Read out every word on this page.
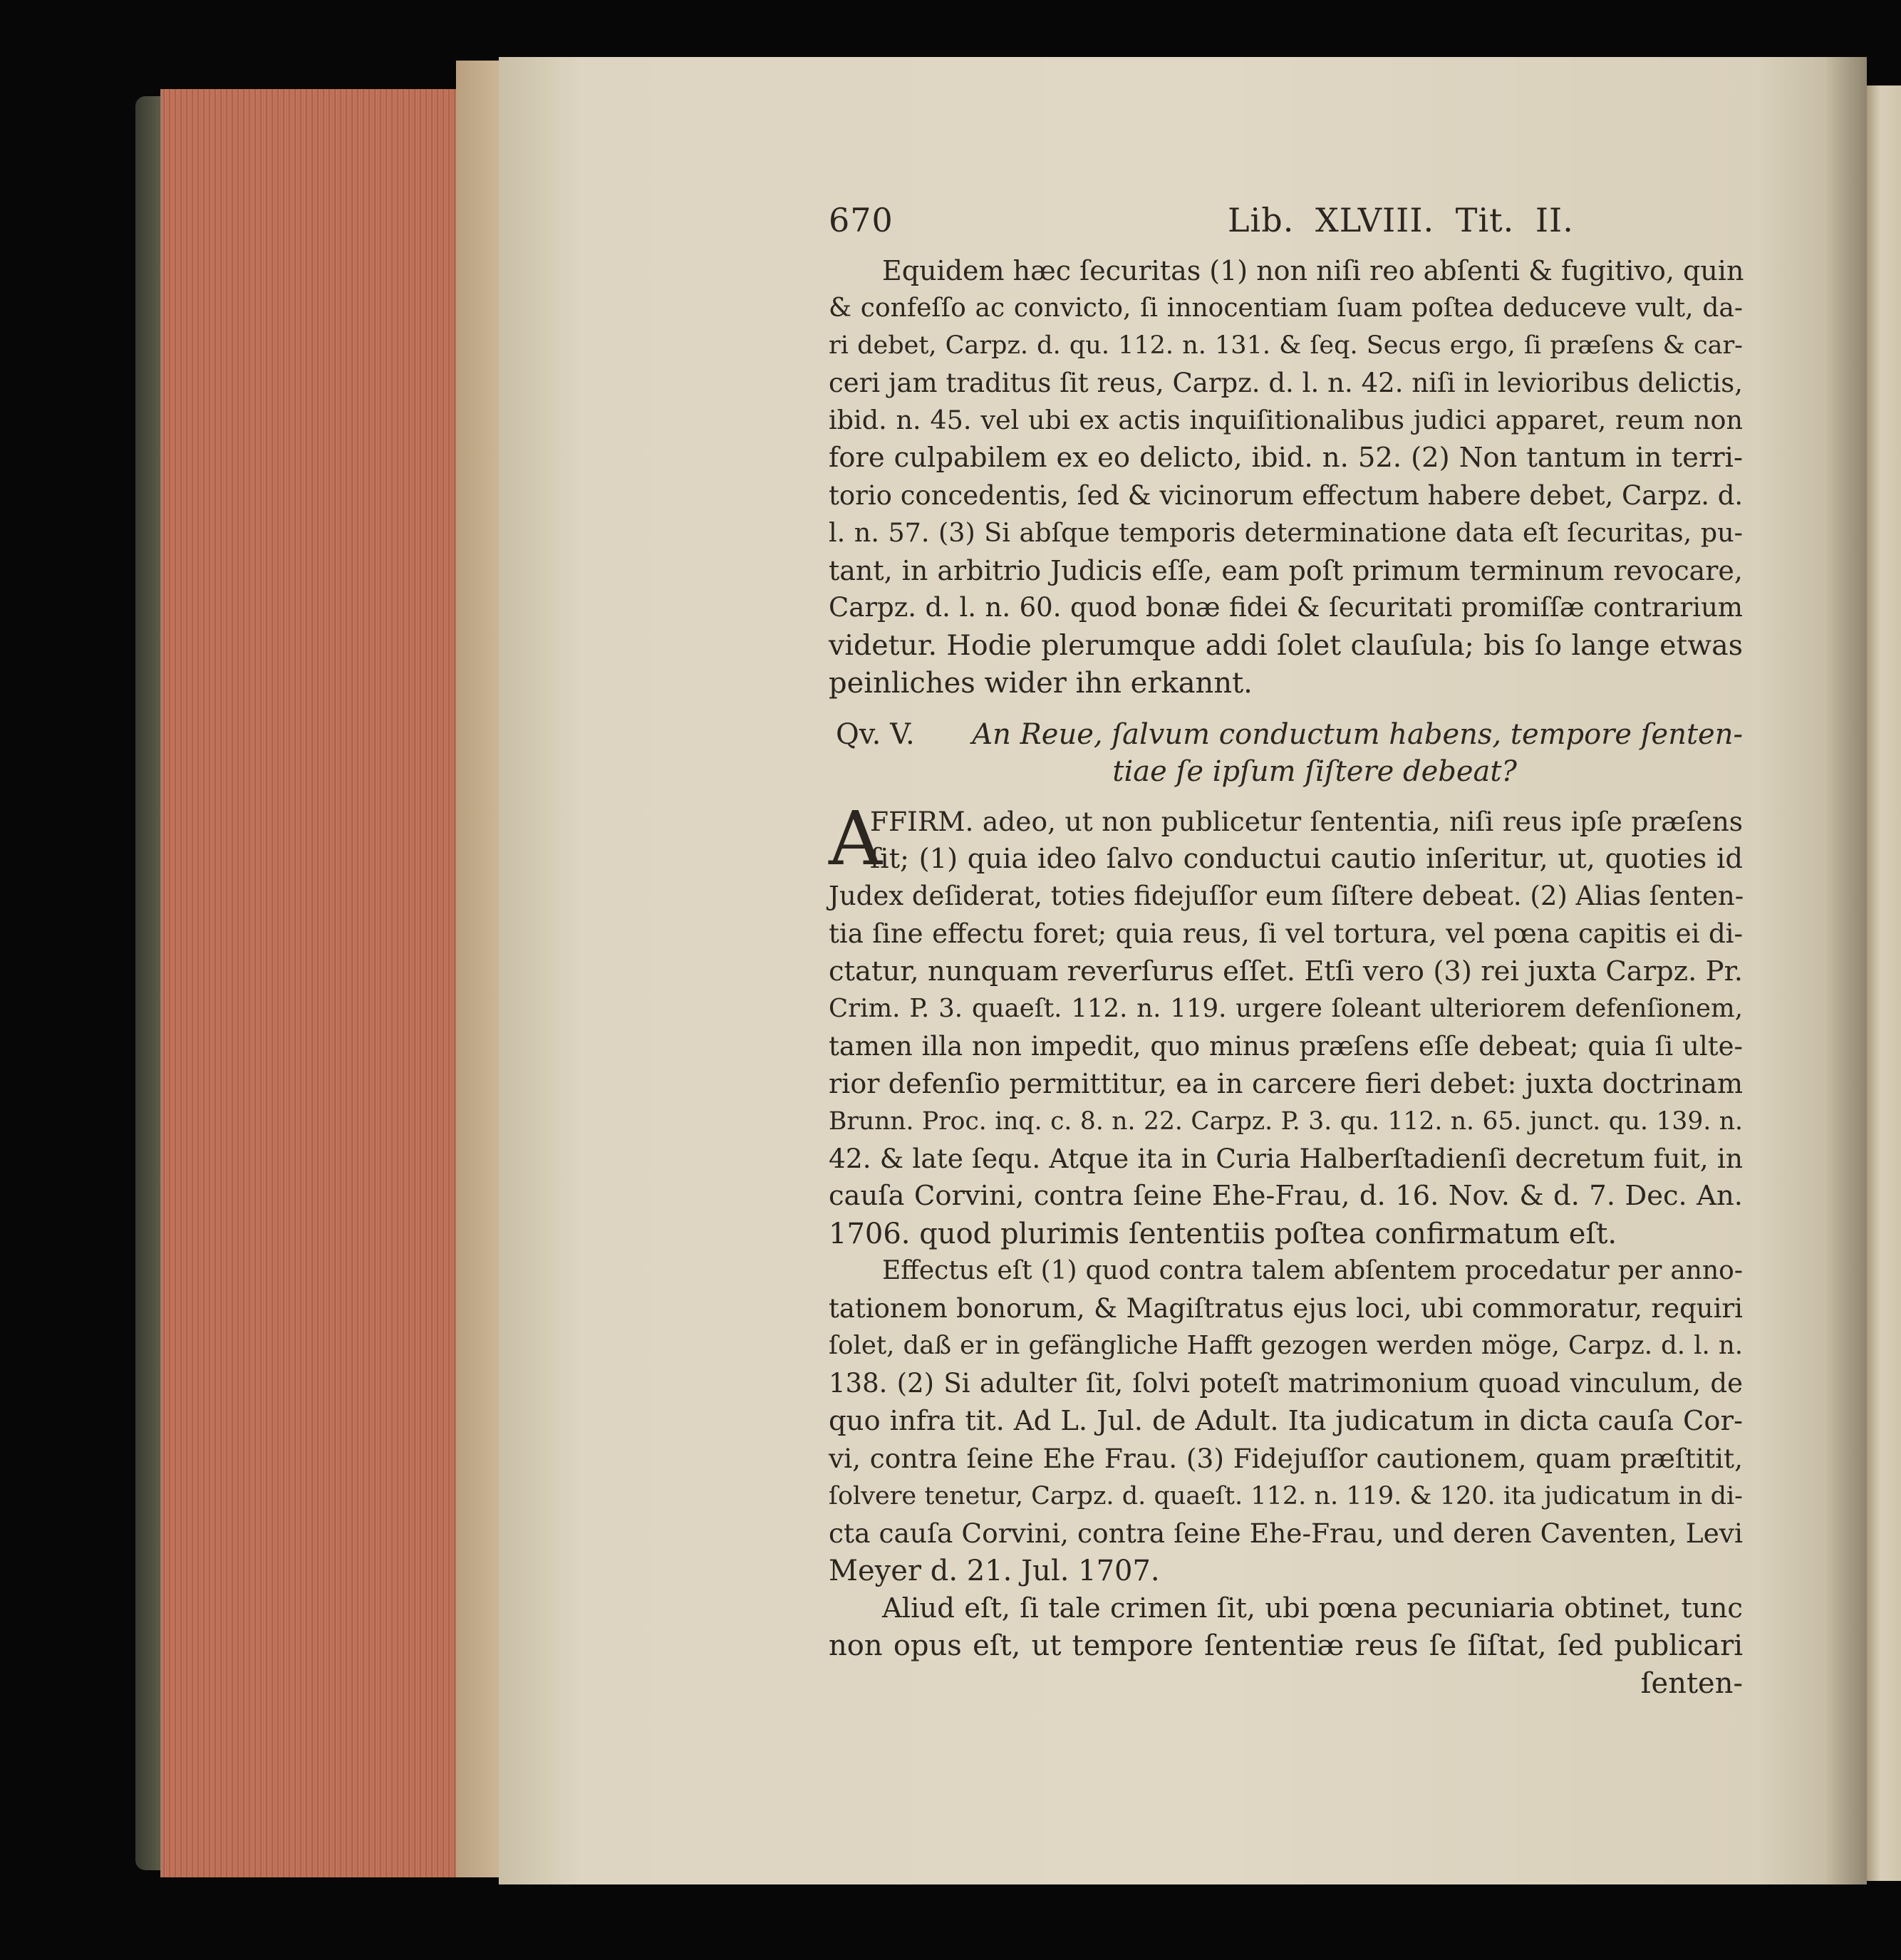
670	Lib. XLVIII. Tit. II.
Equidem hæc ſecuritas (1) non niſi reo abſenti & fugitivo, quin
& confeſſo ac convicto, ſi innocentiam ſuam poſtea deduceve vult, da-
ri debet, Carpz. d. qu. 112. n. 131. & ſeq. Secus ergo, ſi præſens & car-
ceri jam traditus ſit reus, Carpz. d. l. n. 42. niſi in levioribus delictis,
ibid. n. 45. vel ubi ex actis inquiſitionalibus judici apparet, reum non
fore culpabilem ex eo delicto, ibid. n. 52. (2) Non tantum in terri-
torio concedentis, ſed & vicinorum effectum habere debet, Carpz. d.
l. n. 57. (3) Si abſque temporis determinatione data eſt ſecuritas, pu-
tant, in arbitrio Judicis eſſe, eam poſt primum terminum revocare,
Carpz. d. l. n. 60. quod bonæ fidei & ſecuritati promiſſæ contrarium
videtur. Hodie plerumque addi ſolet clauſula; bis ſo lange etwas
peinliches wider ihn erkannt.
Qv. V.	An Reue, ſalvum conductum habens, tempore ſenten-
tiae ſe ipſum ſiſtere debeat?
A
FFIRM. adeo, ut non publicetur ſententia, niſi reus ipſe præſens
ſit; (1) quia ideo ſalvo conductui cautio inſeritur, ut, quoties id
Judex deſiderat, toties fidejuſſor eum ſiſtere debeat. (2) Alias ſenten-
tia ſine effectu foret; quia reus, ſi vel tortura, vel pœna capitis ei di-
ctatur, nunquam reverſurus eſſet. Etſi vero (3) rei juxta Carpz. Pr.
Crim. P. 3. quaeſt. 112. n. 119. urgere ſoleant ulteriorem defenſionem,
tamen illa non impedit, quo minus præſens eſſe debeat; quia ſi ulte-
rior defenſio permittitur, ea in carcere fieri debet: juxta doctrinam
Brunn. Proc. inq. c. 8. n. 22. Carpz. P. 3. qu. 112. n. 65. junct. qu. 139. n.
42. & late ſequ. Atque ita in Curia Halberſtadienſi decretum fuit, in
cauſa Corvini, contra ſeine Ehe-Frau, d. 16. Nov. & d. 7. Dec. An.
1706. quod plurimis ſententiis poſtea confirmatum eſt.
Effectus eſt (1) quod contra talem abſentem procedatur per anno-
tationem bonorum, & Magiſtratus ejus loci, ubi commoratur, requiri
ſolet, daß er in gefängliche Hafft gezogen werden möge, Carpz. d. l. n.
138. (2) Si adulter ſit, ſolvi poteſt matrimonium quoad vinculum, de
quo infra tit. Ad L. Jul. de Adult. Ita judicatum in dicta cauſa Cor-
vi, contra ſeine Ehe Frau. (3) Fidejuſſor cautionem, quam præſtitit,
ſolvere tenetur, Carpz. d. quaeſt. 112. n. 119. & 120. ita judicatum in di-
cta cauſa Corvini, contra ſeine Ehe-Frau, und deren Caventen, Levi
Meyer d. 21. Jul. 1707.
Aliud eſt, ſi tale crimen ſit, ubi pœna pecuniaria obtinet, tunc
non opus eſt, ut tempore ſententiæ reus ſe ſiſtat, ſed publicari
ſenten-
